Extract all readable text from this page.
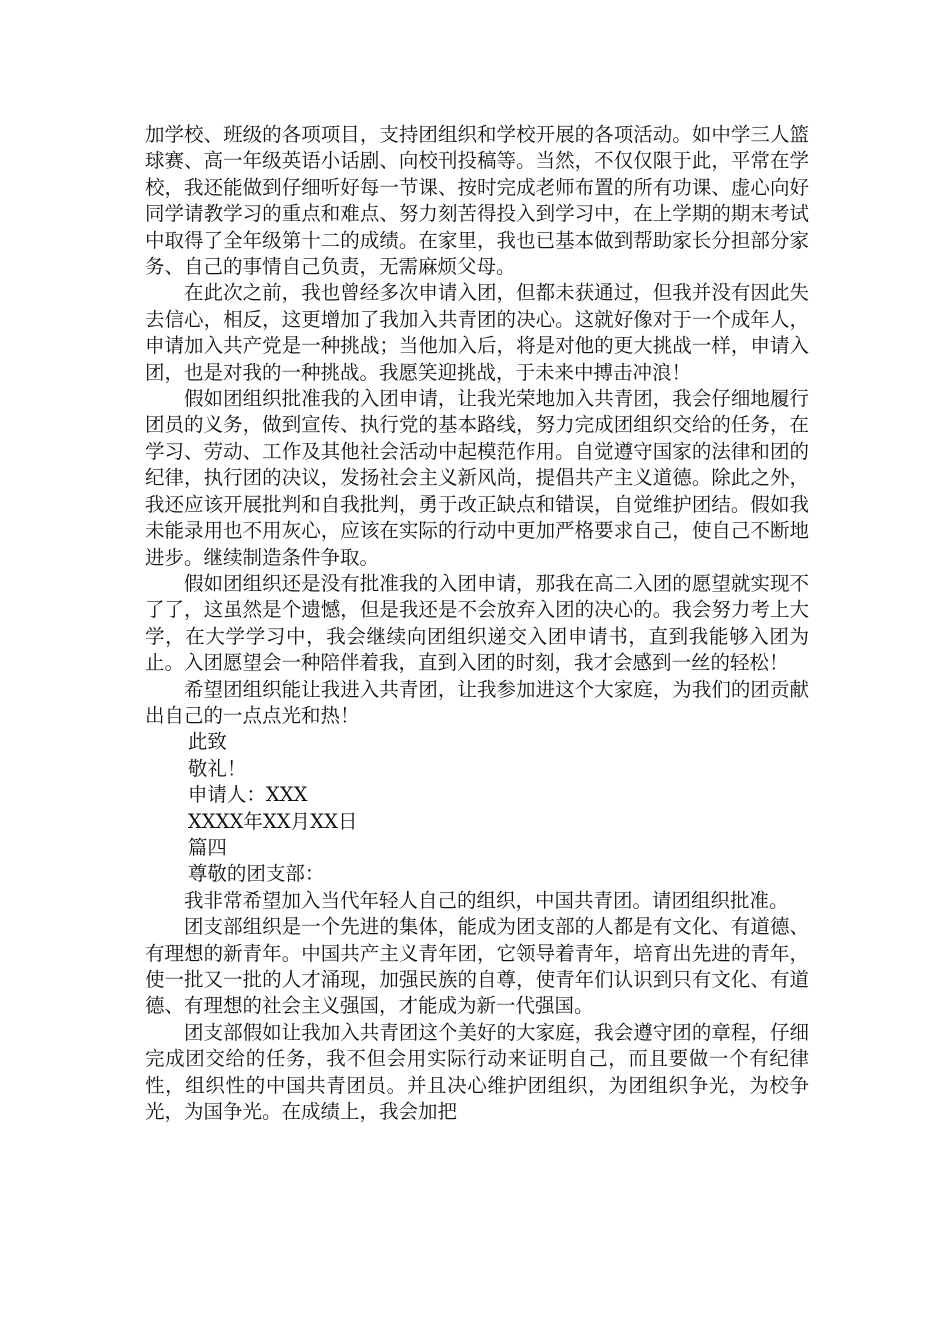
加学校、班级的各项项目，支持团组织和学校开展的各项活动。如中学三人篮球赛、高一年级英语小话剧、向校刊投稿等。当然，不仅仅限于此，平常在学校，我还能做到仔细听好每一节课、按时完成老师布置的所有功课、虚心向好同学请教学习的重点和难点、努力刻苦得投入到学习中，在上学期的期末考试中取得了全年级第十二的成绩。在家里，我也已基本做到帮助家长分担部分家务、自己的事情自己负责，无需麻烦父母。

在此次之前，我也曾经多次申请入团，但都未获通过，但我并没有因此失去信心，相反，这更增加了我加入共青团的决心。这就好像对于一个成年人，申请加入共产党是一种挑战；当他加入后，将是对他的更大挑战一样，申请入团，也是对我的一种挑战。我愿笑迎挑战，于未来中搏击冲浪！

假如团组织批准我的入团申请，让我光荣地加入共青团，我会仔细地履行团员的义务，做到宣传、执行党的基本路线，努力完成团组织交给的任务，在学习、劳动、工作及其他社会活动中起模范作用。自觉遵守国家的法律和团的纪律，执行团的决议，发扬社会主义新风尚，提倡共产主义道德。除此之外，我还应该开展批判和自我批判，勇于改正缺点和错误，自觉维护团结。假如我未能录用也不用灰心，应该在实际的行动中更加严格要求自己，使自己不断地进步。继续制造条件争取。

假如团组织还是没有批准我的入团申请，那我在高二入团的愿望就实现不了了，这虽然是个遗憾，但是我还是不会放弃入团的决心的。我会努力考上大学，在大学学习中，我会继续向团组织递交入团申请书，直到我能够入团为止。入团愿望会一种陪伴着我，直到入团的时刻，我才会感到一丝的轻松！

希望团组织能让我进入共青团，让我参加进这个大家庭，为我们的团贡献出自己的一点点光和热！

此致

敬礼！

申请人：XXX

XXXX年XX月XX日

篇四

尊敬的团支部：

我非常希望加入当代年轻人自己的组织，中国共青团。请团组织批准。

团支部组织是一个先进的集体，能成为团支部的人都是有文化、有道德、有理想的新青年。中国共产主义青年团，它领导着青年，培育出先进的青年，使一批又一批的人才涌现，加强民族的自尊，使青年们认识到只有文化、有道德、有理想的社会主义强国，才能成为新一代强国。

团支部假如让我加入共青团这个美好的大家庭，我会遵守团的章程，仔细完成团交给的任务，我不但会用实际行动来证明自己，而且要做一个有纪律性，组织性的中国共青团员。并且决心维护团组织，为团组织争光，为校争光，为国争光。在成绩上，我会加把
